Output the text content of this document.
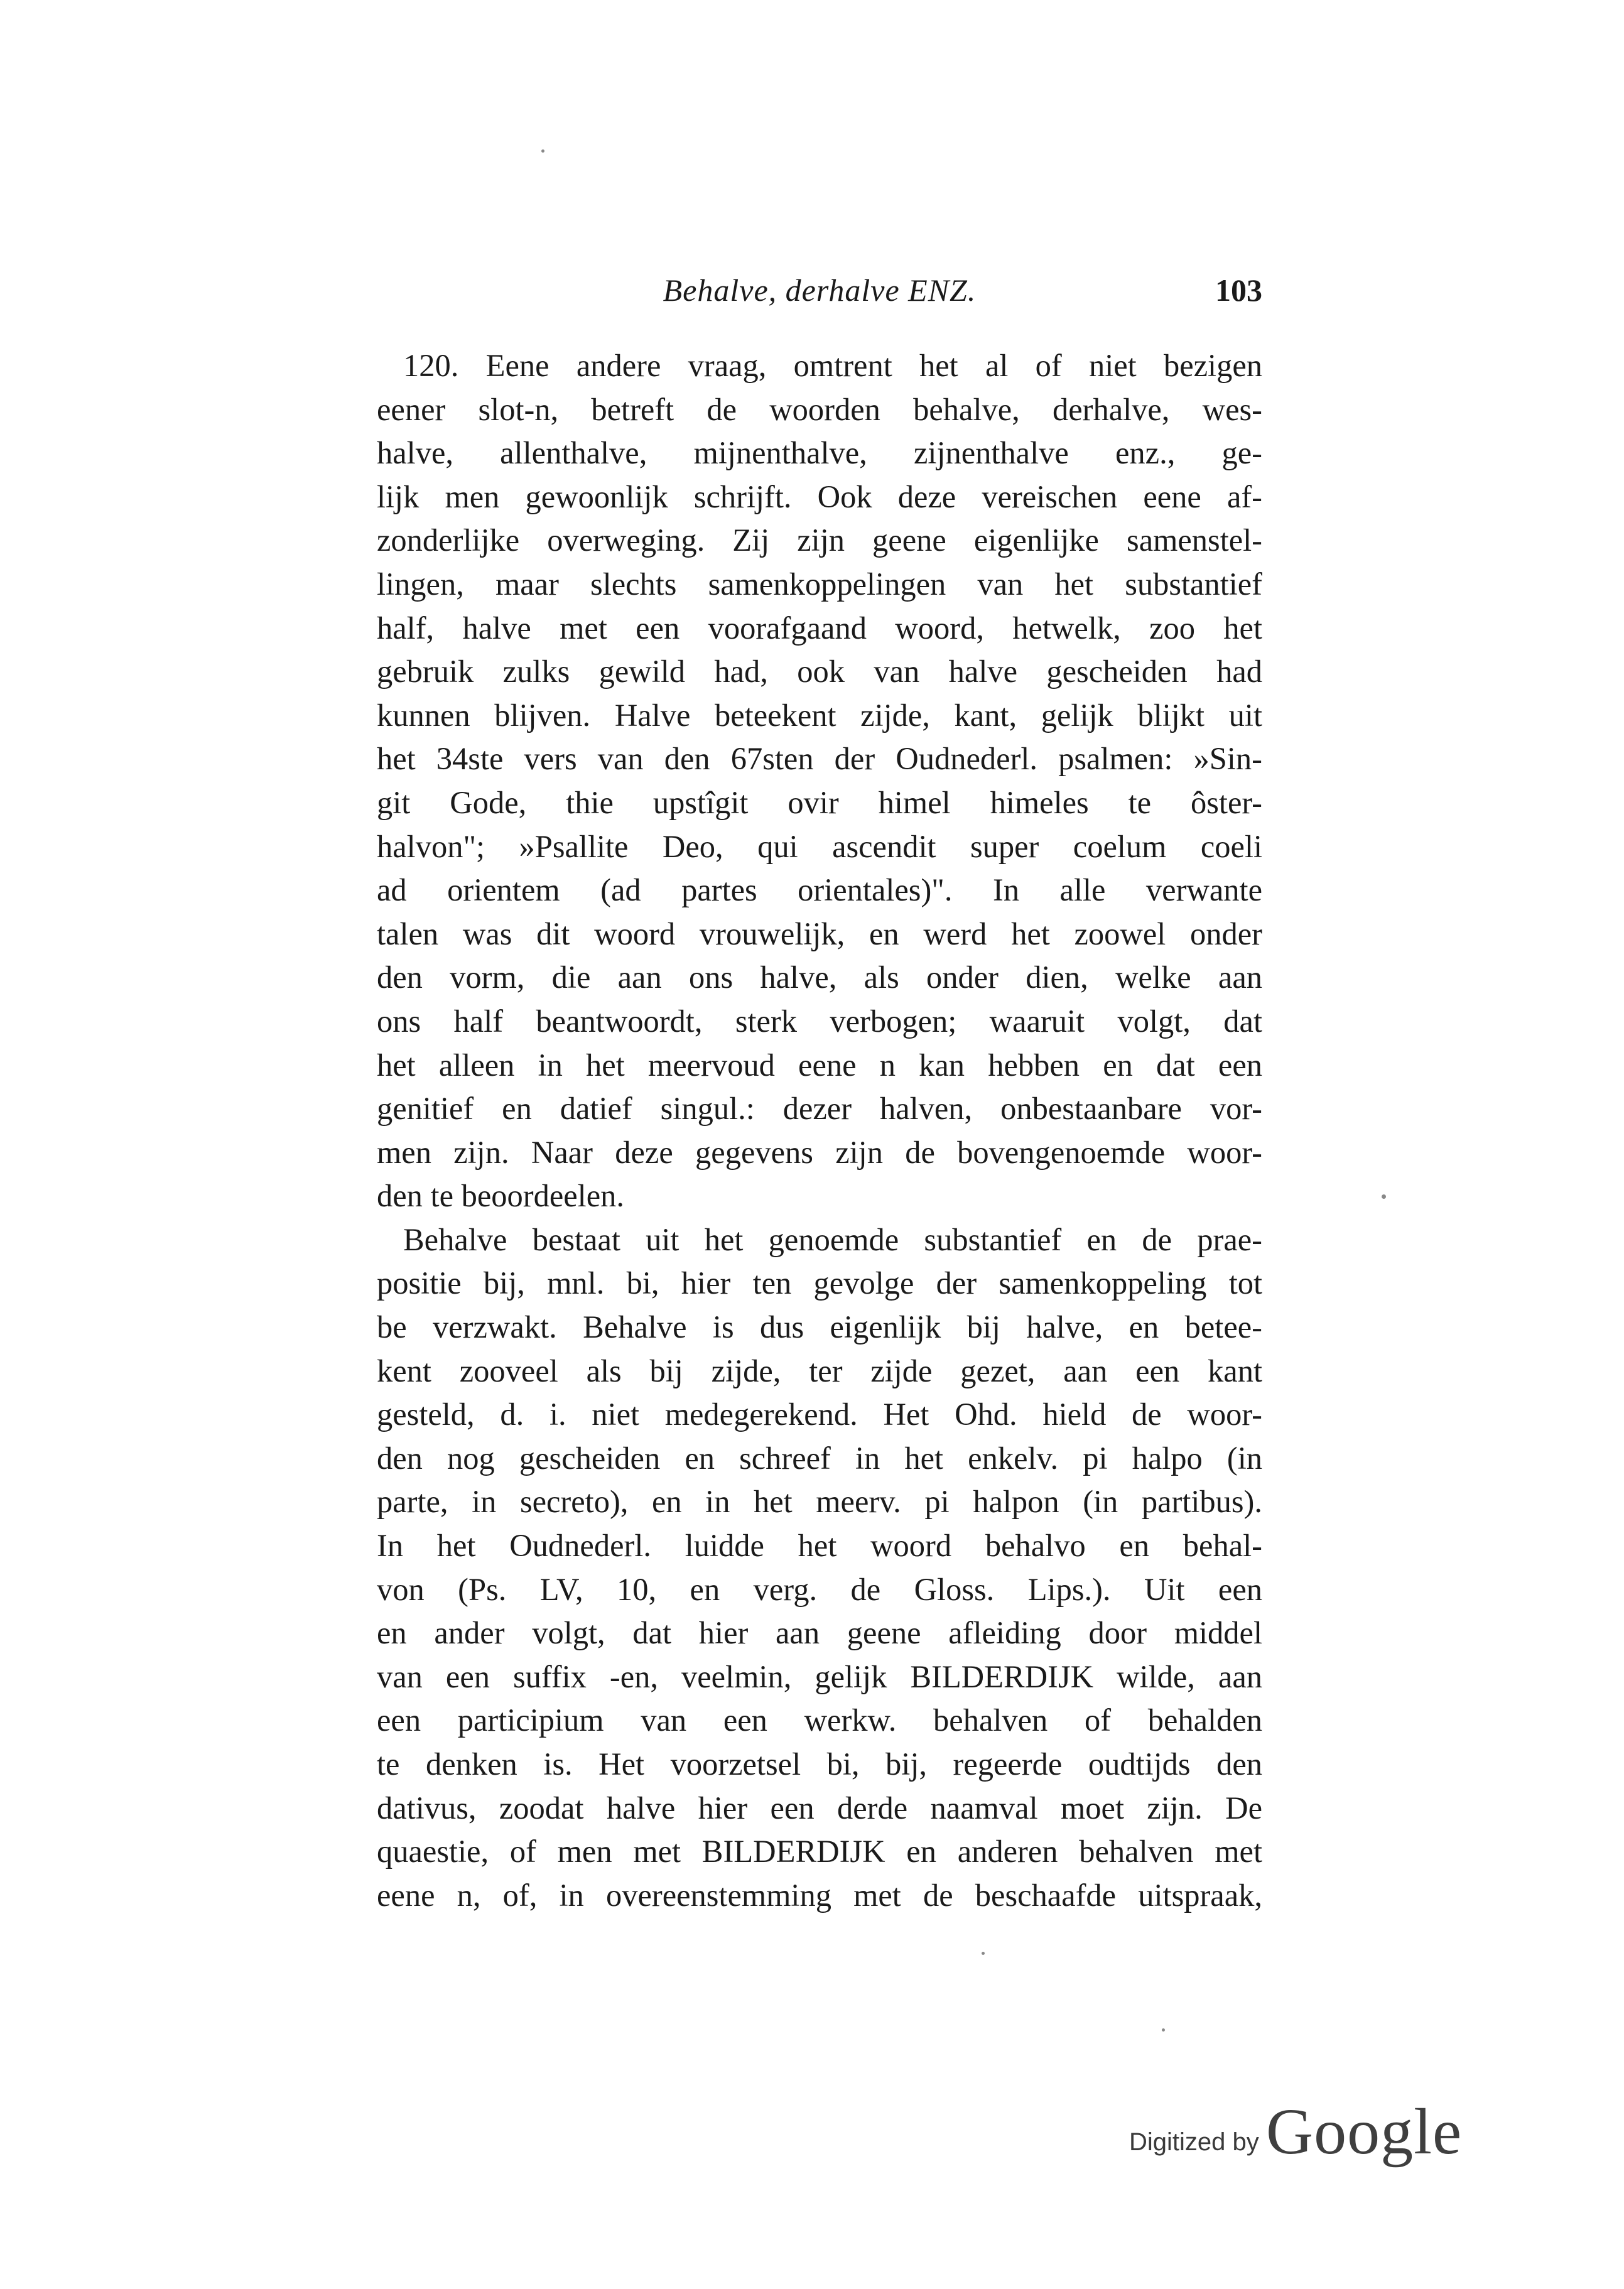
Behalve, derhalve ENZ.	103
120. Eene andere vraag, omtrent het al of niet bezigen
eener slot-n, betreft de woorden behalve, derhalve, wes-
halve, allenthalve, mijnenthalve, zijnenthalve enz., ge-
lijk men gewoonlijk schrijft. Ook deze vereischen eene af-
zonderlijke overweging. Zij zijn geene eigenlijke samenstel-
lingen, maar slechts samenkoppelingen van het substantief
half, halve met een voorafgaand woord, hetwelk, zoo het
gebruik zulks gewild had, ook van halve gescheiden had
kunnen blijven. Halve beteekent zijde, kant, gelijk blijkt uit
het 34ste vers van den 67sten der Oudnederl. psalmen: »Sin-
git Gode, thie upstîgit ovir himel himeles te ôster-
halvon"; »Psallite Deo, qui ascendit super coelum coeli
ad orientem (ad partes orientales)". In alle verwante
talen was dit woord vrouwelijk, en werd het zoowel onder
den vorm, die aan ons halve, als onder dien, welke aan
ons half beantwoordt, sterk verbogen; waaruit volgt, dat
het alleen in het meervoud eene n kan hebben en dat een
genitief en datief singul.: dezer halven, onbestaanbare vor-
men zijn. Naar deze gegevens zijn de bovengenoemde woor-
den te beoordeelen.
Behalve bestaat uit het genoemde substantief en de prae-
positie bij, mnl. bi, hier ten gevolge der samenkoppeling tot
be verzwakt. Behalve is dus eigenlijk bij halve, en betee-
kent zooveel als bij zijde, ter zijde gezet, aan een kant
gesteld, d. i. niet medegerekend. Het Ohd. hield de woor-
den nog gescheiden en schreef in het enkelv. pi halpo (in
parte, in secreto), en in het meerv. pi halpon (in partibus).
In het Oudnederl. luidde het woord behalvo en behal-
von (Ps. LV, 10, en verg. de Gloss. Lips.). Uit een
en ander volgt, dat hier aan geene afleiding door middel
van een suffix -en, veelmin, gelijk BILDERDIJK wilde, aan
een participium van een werkw. behalven of behalden
te denken is. Het voorzetsel bi, bij, regeerde oudtijds den
dativus, zoodat halve hier een derde naamval moet zijn. De
quaestie, of men met BILDERDIJK en anderen behalven met
eene n, of, in overeenstemming met de beschaafde uitspraak,
Digitized by Google
